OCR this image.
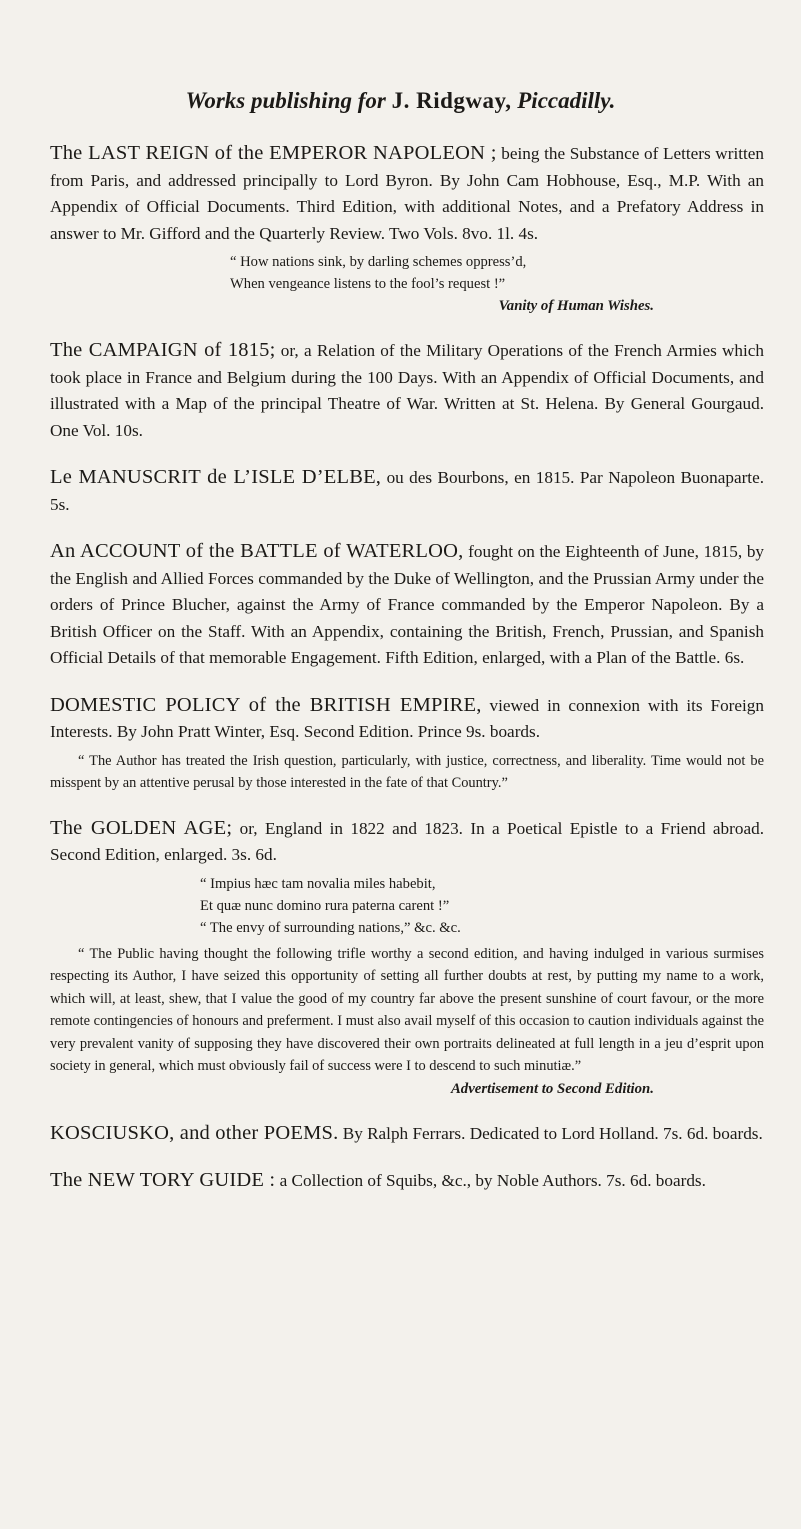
Works publishing for J. Ridgway, Piccadilly.

The LAST REIGN of the EMPEROR NAPOLEON ; being the Substance of Letters written from Paris, and addressed principally to Lord Byron. By John Cam Hobhouse, Esq., M.P. With an Appendix of Official Documents. Third Edition, with additional Notes, and a Prefatory Address in answer to Mr. Gifford and the Quarterly Review. Two Vols. 8vo. 1l. 4s.

“ How nations sink, by darling schemes oppress’d,

When vengeance listens to the fool’s request !”

Vanity of Human Wishes.

The CAMPAIGN of 1815; or, a Relation of the Military Operations of the French Armies which took place in France and Belgium during the 100 Days. With an Appendix of Official Documents, and illustrated with a Map of the principal Theatre of War. Written at St. Helena. By General Gourgaud. One Vol. 10s.

Le MANUSCRIT de L’ISLE D’ELBE, ou des Bourbons, en 1815. Par Napoleon Buonaparte. 5s.

An ACCOUNT of the BATTLE of WATERLOO, fought on the Eighteenth of June, 1815, by the English and Allied Forces commanded by the Duke of Wellington, and the Prussian Army under the orders of Prince Blucher, against the Army of France commanded by the Emperor Napoleon. By a British Officer on the Staff. With an Appendix, containing the British, French, Prussian, and Spanish Official Details of that memorable Engagement. Fifth Edition, enlarged, with a Plan of the Battle. 6s.

DOMESTIC POLICY of the BRITISH EMPIRE, viewed in connexion with its Foreign Interests. By John Pratt Winter, Esq. Second Edition. Prince 9s. boards.

“ The Author has treated the Irish question, particularly, with justice, correctness, and liberality. Time would not be misspent by an attentive perusal by those interested in the fate of that Country.”

The GOLDEN AGE; or, England in 1822 and 1823. In a Poetical Epistle to a Friend abroad. Second Edition, enlarged. 3s. 6d.

“ Impius hæc tam novalia miles habebit,

Et quæ nunc domino rura paterna carent !”

“ The envy of surrounding nations,” &c. &c.

“ The Public having thought the following trifle worthy a second edition, and having indulged in various surmises respecting its Author, I have seized this opportunity of setting all further doubts at rest, by putting my name to a work, which will, at least, shew, that I value the good of my country far above the present sunshine of court favour, or the more remote contingencies of honours and preferment. I must also avail myself of this occasion to caution individuals against the very prevalent vanity of supposing they have discovered their own portraits delineated at full length in a jeu d’esprit upon society in general, which must obviously fail of success were I to descend to such minutiæ.”

Advertisement to Second Edition.

KOSCIUSKO, and other POEMS. By Ralph Ferrars. Dedicated to Lord Holland. 7s. 6d. boards.

The NEW TORY GUIDE : a Collection of Squibs, &c., by Noble Authors. 7s. 6d. boards.
